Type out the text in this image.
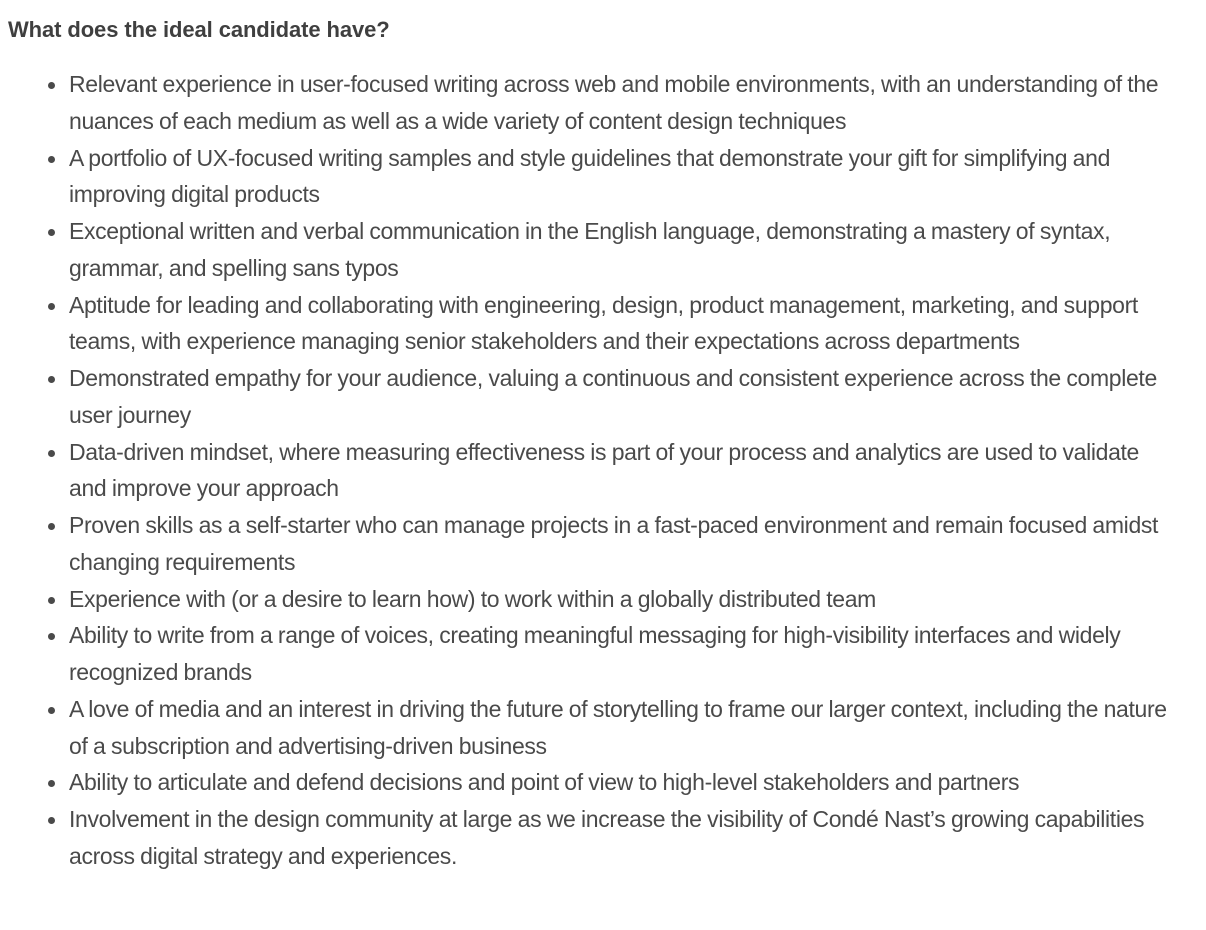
What does the ideal candidate have?
Relevant experience in user-focused writing across web and mobile environments, with an understanding of the nuances of each medium as well as a wide variety of content design techniques
A portfolio of UX-focused writing samples and style guidelines that demonstrate your gift for simplifying and improving digital products
Exceptional written and verbal communication in the English language, demonstrating a mastery of syntax, grammar, and spelling sans typos
Aptitude for leading and collaborating with engineering, design, product management, marketing, and support teams, with experience managing senior stakeholders and their expectations across departments
Demonstrated empathy for your audience, valuing a continuous and consistent experience across the complete user journey
Data-driven mindset, where measuring effectiveness is part of your process and analytics are used to validate and improve your approach
Proven skills as a self-starter who can manage projects in a fast-paced environment and remain focused amidst changing requirements
Experience with (or a desire to learn how) to work within a globally distributed team
Ability to write from a range of voices, creating meaningful messaging for high-visibility interfaces and widely recognized brands
A love of media and an interest in driving the future of storytelling to frame our larger context, including the nature of a subscription and advertising-driven business
Ability to articulate and defend decisions and point of view to high-level stakeholders and partners
Involvement in the design community at large as we increase the visibility of Condé Nast’s growing capabilities across digital strategy and experiences.
